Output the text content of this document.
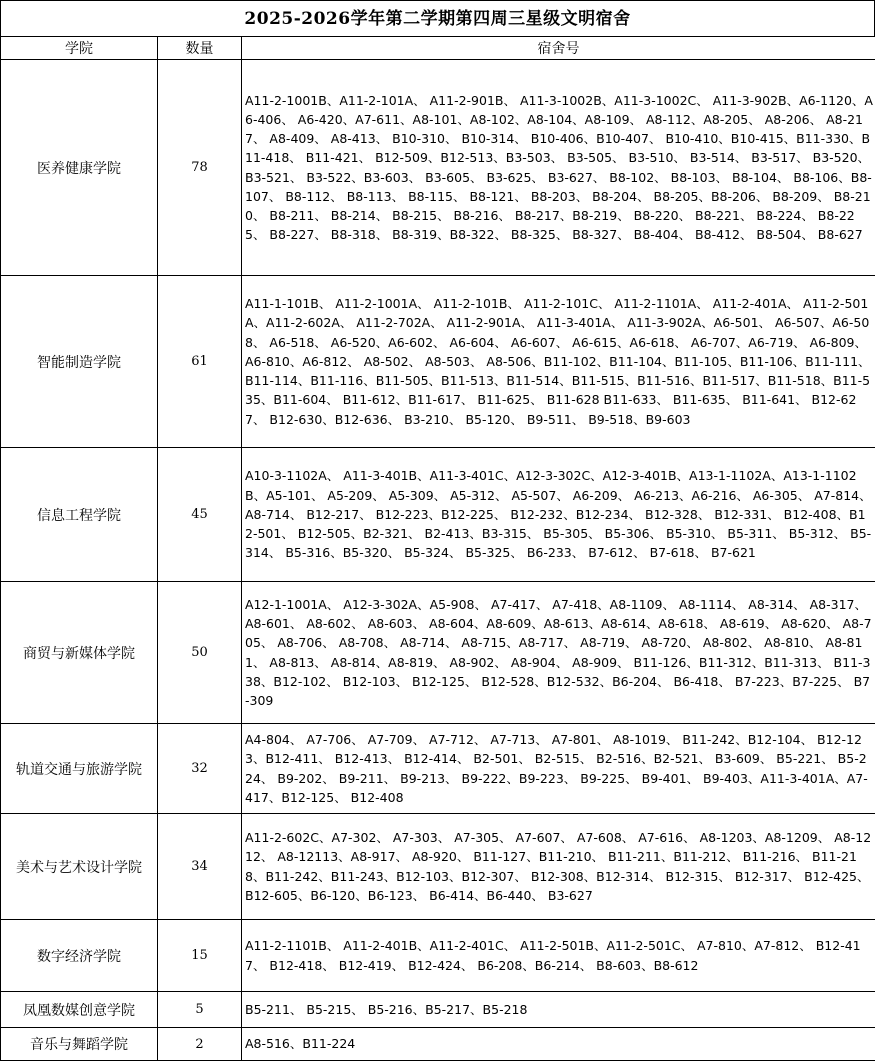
2025-2026学年第二学期第四周三星级文明宿舍
学院	数量	宿舍号
医养健康学院	78	A11-2-1001B、A11-2-101A、 A11-2-901B、 A11-3-1002B、A11-3-1002C、 A11-3-902B、A6-1120、A6-406、 A6-420、A7-611、A8-101、A8-102、A8-104、A8-109、 A8-112、A8-205、 A8-206、 A8-217、 A8-409、 A8-413、 B10-310、 B10-314、 B10-406、B10-407、 B10-410、B10-415、B11-330、B11-418、 B11-421、 B12-509、B12-513、B3-503、 B3-505、 B3-510、 B3-514、 B3-517、 B3-520、 B3-521、 B3-522、B3-603、 B3-605、 B3-625、 B3-627、 B8-102、 B8-103、 B8-104、 B8-106、B8-107、 B8-112、 B8-113、 B8-115、 B8-121、 B8-203、 B8-204、 B8-205、B8-206、 B8-209、 B8-210、 B8-211、 B8-214、 B8-215、 B8-216、 B8-217、B8-219、 B8-220、 B8-221、 B8-224、 B8-225、 B8-227、 B8-318、 B8-319、B8-322、 B8-325、 B8-327、 B8-404、 B8-412、 B8-504、 B8-627
智能制造学院	61	A11-1-101B、 A11-2-1001A、 A11-2-101B、 A11-2-101C、 A11-2-1101A、 A11-2-401A、 A11-2-501A、A11-2-602A、 A11-2-702A、 A11-2-901A、 A11-3-401A、 A11-3-902A、A6-501、 A6-507、A6-508、 A6-518、 A6-520、A6-602、 A6-604、 A6-607、 A6-615、A6-618、 A6-707、A6-719、 A6-809、 A6-810、A6-812、 A8-502、 A8-503、 A8-506、B11-102、B11-104、B11-105、B11-106、B11-111、 B11-114、B11-116、B11-505、B11-513、B11-514、B11-515、B11-516、B11-517、B11-518、B11-535、B11-604、 B11-612、B11-617、 B11-625、 B11-628 B11-633、 B11-635、 B11-641、 B12-627、 B12-630、B12-636、 B3-210、 B5-120、 B9-511、 B9-518、B9-603
信息工程学院	45	A10-3-1102A、 A11-3-401B、A11-3-401C、A12-3-302C、A12-3-401B、A13-1-1102A、A13-1-1102B、A5-101、 A5-209、 A5-309、 A5-312、 A5-507、 A6-209、 A6-213、A6-216、 A6-305、 A7-814、 A8-714、 B12-217、 B12-223、B12-225、 B12-232、B12-234、 B12-328、 B12-331、 B12-408、B12-501、 B12-505、B2-321、 B2-413、B3-315、 B5-305、 B5-306、 B5-310、 B5-311、 B5-312、 B5-314、 B5-316、B5-320、 B5-324、 B5-325、 B6-233、 B7-612、 B7-618、 B7-621
商贸与新媒体学院	50	A12-1-1001A、 A12-3-302A、A5-908、 A7-417、 A7-418、A8-1109、 A8-1114、 A8-314、 A8-317、 A8-601、 A8-602、 A8-603、 A8-604、A8-609、A8-613、A8-614、A8-618、 A8-619、 A8-620、 A8-705、 A8-706、 A8-708、 A8-714、 A8-715、A8-717、 A8-719、 A8-720、 A8-802、 A8-810、 A8-811、 A8-813、 A8-814、A8-819、 A8-902、 A8-904、 A8-909、 B11-126、B11-312、B11-313、 B11-338、B12-102、 B12-103、 B12-125、 B12-528、B12-532、B6-204、 B6-418、 B7-223、B7-225、 B7-309
轨道交通与旅游学院	32	A4-804、 A7-706、 A7-709、 A7-712、 A7-713、 A7-801、 A8-1019、 B11-242、B12-104、 B12-123、B12-411、 B12-413、 B12-414、 B2-501、 B2-515、 B2-516、B2-521、 B3-609、 B5-221、 B5-224、 B9-202、 B9-211、 B9-213、 B9-222、B9-223、 B9-225、 B9-401、 B9-403、A11-3-401A、A7-417、B12-125、 B12-408
美术与艺术设计学院	34	A11-2-602C、A7-302、 A7-303、 A7-305、 A7-607、 A7-608、 A7-616、 A8-1203、A8-1209、 A8-1212、 A8-12113、A8-917、 A8-920、 B11-127、B11-210、 B11-211、B11-212、 B11-216、 B11-218、B11-242、B11-243、B12-103、B12-307、 B12-308、B12-314、 B12-315、 B12-317、 B12-425、B12-605、B6-120、B6-123、 B6-414、B6-440、 B3-627
数字经济学院	15	A11-2-1101B、 A11-2-401B、A11-2-401C、 A11-2-501B、A11-2-501C、 A7-810、A7-812、 B12-417、 B12-418、 B12-419、 B12-424、 B6-208、B6-214、 B8-603、B8-612
凤凰数媒创意学院	5	B5-211、 B5-215、 B5-216、B5-217、B5-218
音乐与舞蹈学院	2	A8-516、B11-224
